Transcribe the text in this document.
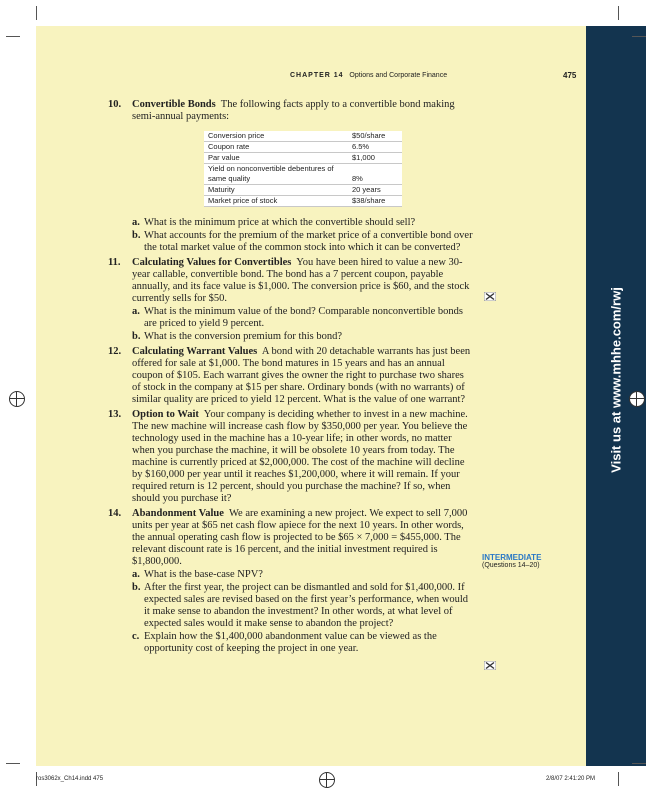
Visit us at www.mhhe.com/rwj
CHAPTER 14 Options and Corporate Finance	475
10. Convertible Bonds The following facts apply to a convertible bond making semi-annual payments:
Conversion price	$50/share
Coupon rate	6.5%
Par value	$1,000
Yield on nonconvertible debentures of same quality	8%
Maturity	20 years
Market price of stock	$38/share
a. What is the minimum price at which the convertible should sell?
b. What accounts for the premium of the market price of a convertible bond over the total market value of the common stock into which it can be converted?
11. Calculating Values for Convertibles You have been hired to value a new 30-year callable, convertible bond. The bond has a 7 percent coupon, payable annually, and its face value is $1,000. The conversion price is $60, and the stock currently sells for $50.
a. What is the minimum value of the bond? Comparable nonconvertible bonds are priced to yield 9 percent.
b. What is the conversion premium for this bond?
12. Calculating Warrant Values A bond with 20 detachable warrants has just been offered for sale at $1,000. The bond matures in 15 years and has an annual coupon of $105. Each warrant gives the owner the right to purchase two shares of stock in the company at $15 per share. Ordinary bonds (with no warrants) of similar quality are priced to yield 12 percent. What is the value of one warrant?
13. Option to Wait Your company is deciding whether to invest in a new machine. The new machine will increase cash flow by $350,000 per year. You believe the technology used in the machine has a 10-year life; in other words, no matter when you purchase the machine, it will be obsolete 10 years from today. The machine is currently priced at $2,000,000. The cost of the machine will decline by $160,000 per year until it reaches $1,200,000, where it will remain. If your required return is 12 percent, should you purchase the machine? If so, when should you purchase it?
14. Abandonment Value We are examining a new project. We expect to sell 7,000 units per year at $65 net cash flow apiece for the next 10 years. In other words, the annual operating cash flow is projected to be $65 × 7,000 = $455,000. The relevant discount rate is 16 percent, and the initial investment required is $1,800,000.
a. What is the base-case NPV?
b. After the first year, the project can be dismantled and sold for $1,400,000. If expected sales are revised based on the first year’s performance, when would it make sense to abandon the investment? In other words, at what level of expected sales would it make sense to abandon the project?
c. Explain how the $1,400,000 abandonment value can be viewed as the opportunity cost of keeping the project in one year.
INTERMEDIATE
(Questions 14–20)
ros3062x_Ch14.indd 475	2/8/07 2:41:20 PM
